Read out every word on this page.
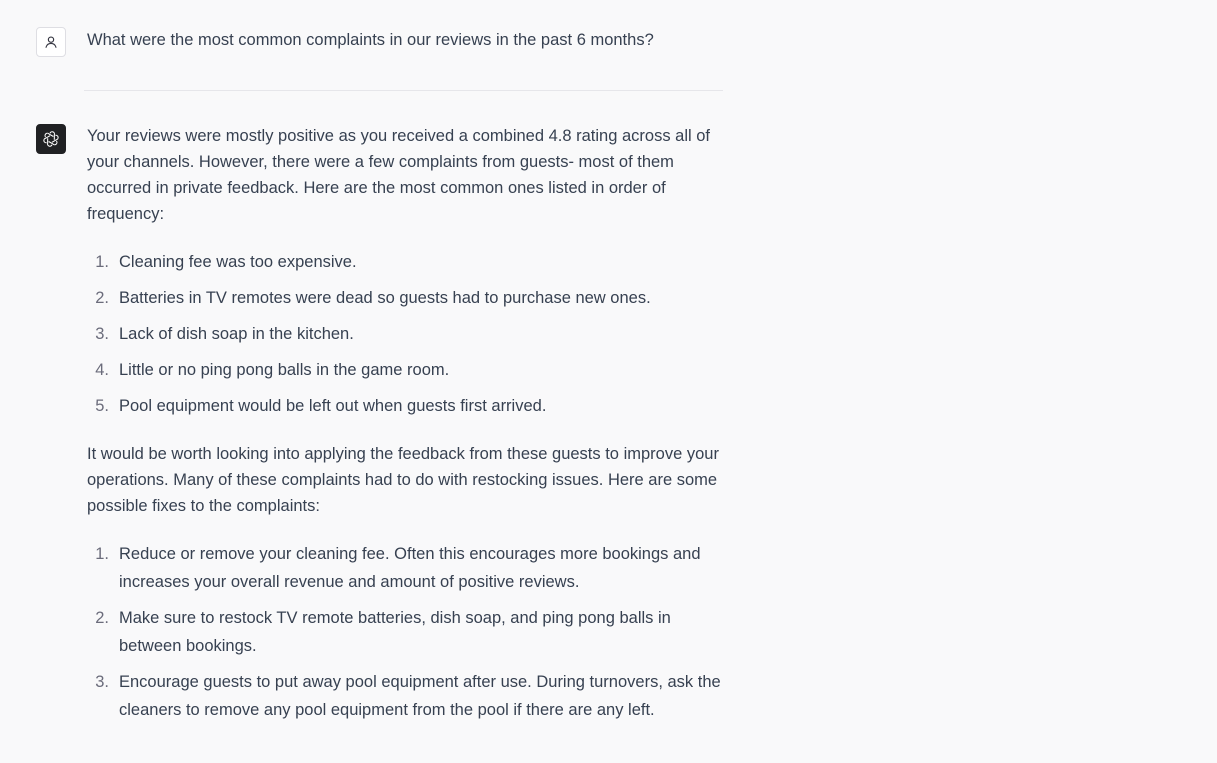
What were the most common complaints in our reviews in the past 6 months?

Your reviews were mostly positive as you received a combined 4.8 rating across all of your channels. However, there were a few complaints from guests- most of them occurred in private feedback. Here are the most common ones listed in order of frequency:

1. Cleaning fee was too expensive.
2. Batteries in TV remotes were dead so guests had to purchase new ones.
3. Lack of dish soap in the kitchen.
4. Little or no ping pong balls in the game room.
5. Pool equipment would be left out when guests first arrived.

It would be worth looking into applying the feedback from these guests to improve your operations. Many of these complaints had to do with restocking issues. Here are some possible fixes to the complaints:

1. Reduce or remove your cleaning fee. Often this encourages more bookings and increases your overall revenue and amount of positive reviews.
2. Make sure to restock TV remote batteries, dish soap, and ping pong balls in between bookings.
3. Encourage guests to put away pool equipment after use. During turnovers, ask the cleaners to remove any pool equipment from the pool if there are any left.
